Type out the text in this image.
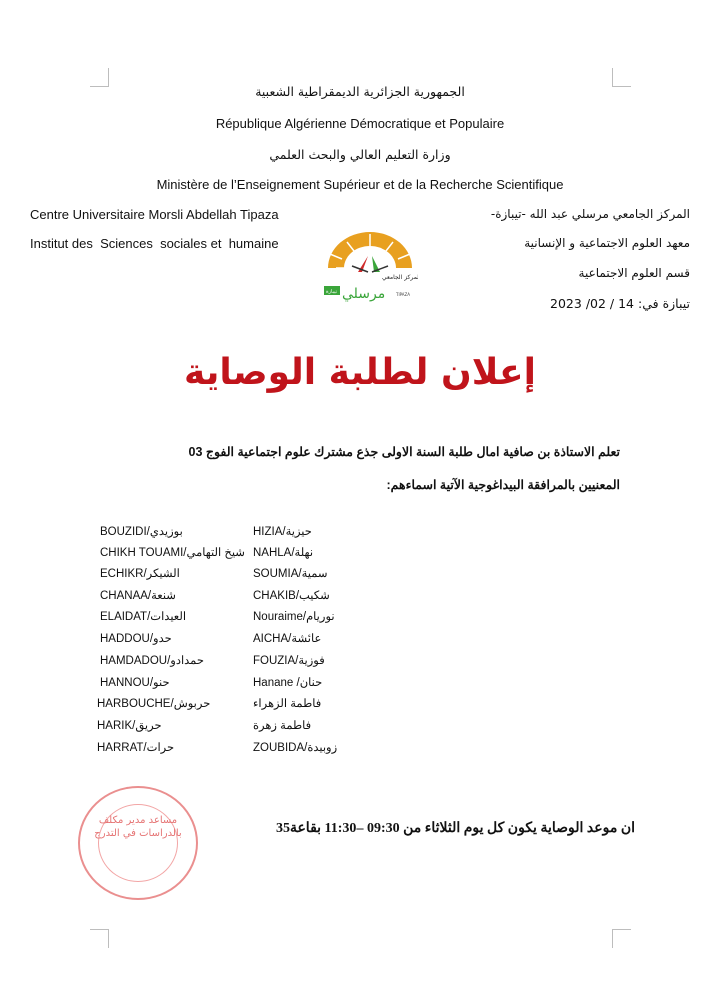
الجمهورية الجزائرية الديمقراطية الشعبية
République Algérienne Démocratique et Populaire
وزارة التعليم العالي والبحث العلمي
Ministère de l’Enseignement Supérieur et de la Recherche Scientifique
Centre Universitaire Morsli Abdellah Tipaza
Institut des  Sciences  sociales et  humaine
المركز الجامعي مرسلي عبد الله -تيبازة-
معهد العلوم الاجتماعية و الإنسانية
قسم العلوم الاجتماعية
تيبازة في: 14 / 02/ 2023
المركز الجامعي
تيبازة مرسلي	TIPAZA
إعلان لطلبة الوصاية
تعلم الاستاذة بن صافية امال طلبة السنة الاولى جذع مشترك علوم اجتماعية الفوج 03
المعنيين بالمرافقة البيداغوجية الآتية اسماءهم:
BOUZIDI/بوزيدي
CHIKH TOUAMI/شيخ التهامي
ECHIKR/الشيكر
CHANAA/شنعة
ELAIDAT/العيدات
HADDOU/حدو
HAMDADOU/حمدادو
HANNOU/حنو
HARBOUCHE/حربوش
HARIK/حريق
HARRAT/حرات
HIZIA/حيزية
NAHLA/نهلة
SOUMIA/سمية
CHAKIB/شكيب
Nouraime/نوريام
AICHA/عائشة
FOUZIA/فوزية
Hanane /حنان
فاطمة الزهراء
فاطمة زهرة
ZOUBIDA/زوبيدة
مساعد مدير مكلف بالدراسات في التدرج	ان موعد الوصاية يكون كل يوم الثلاثاء من 09:30 –11:30 بقاعة35
